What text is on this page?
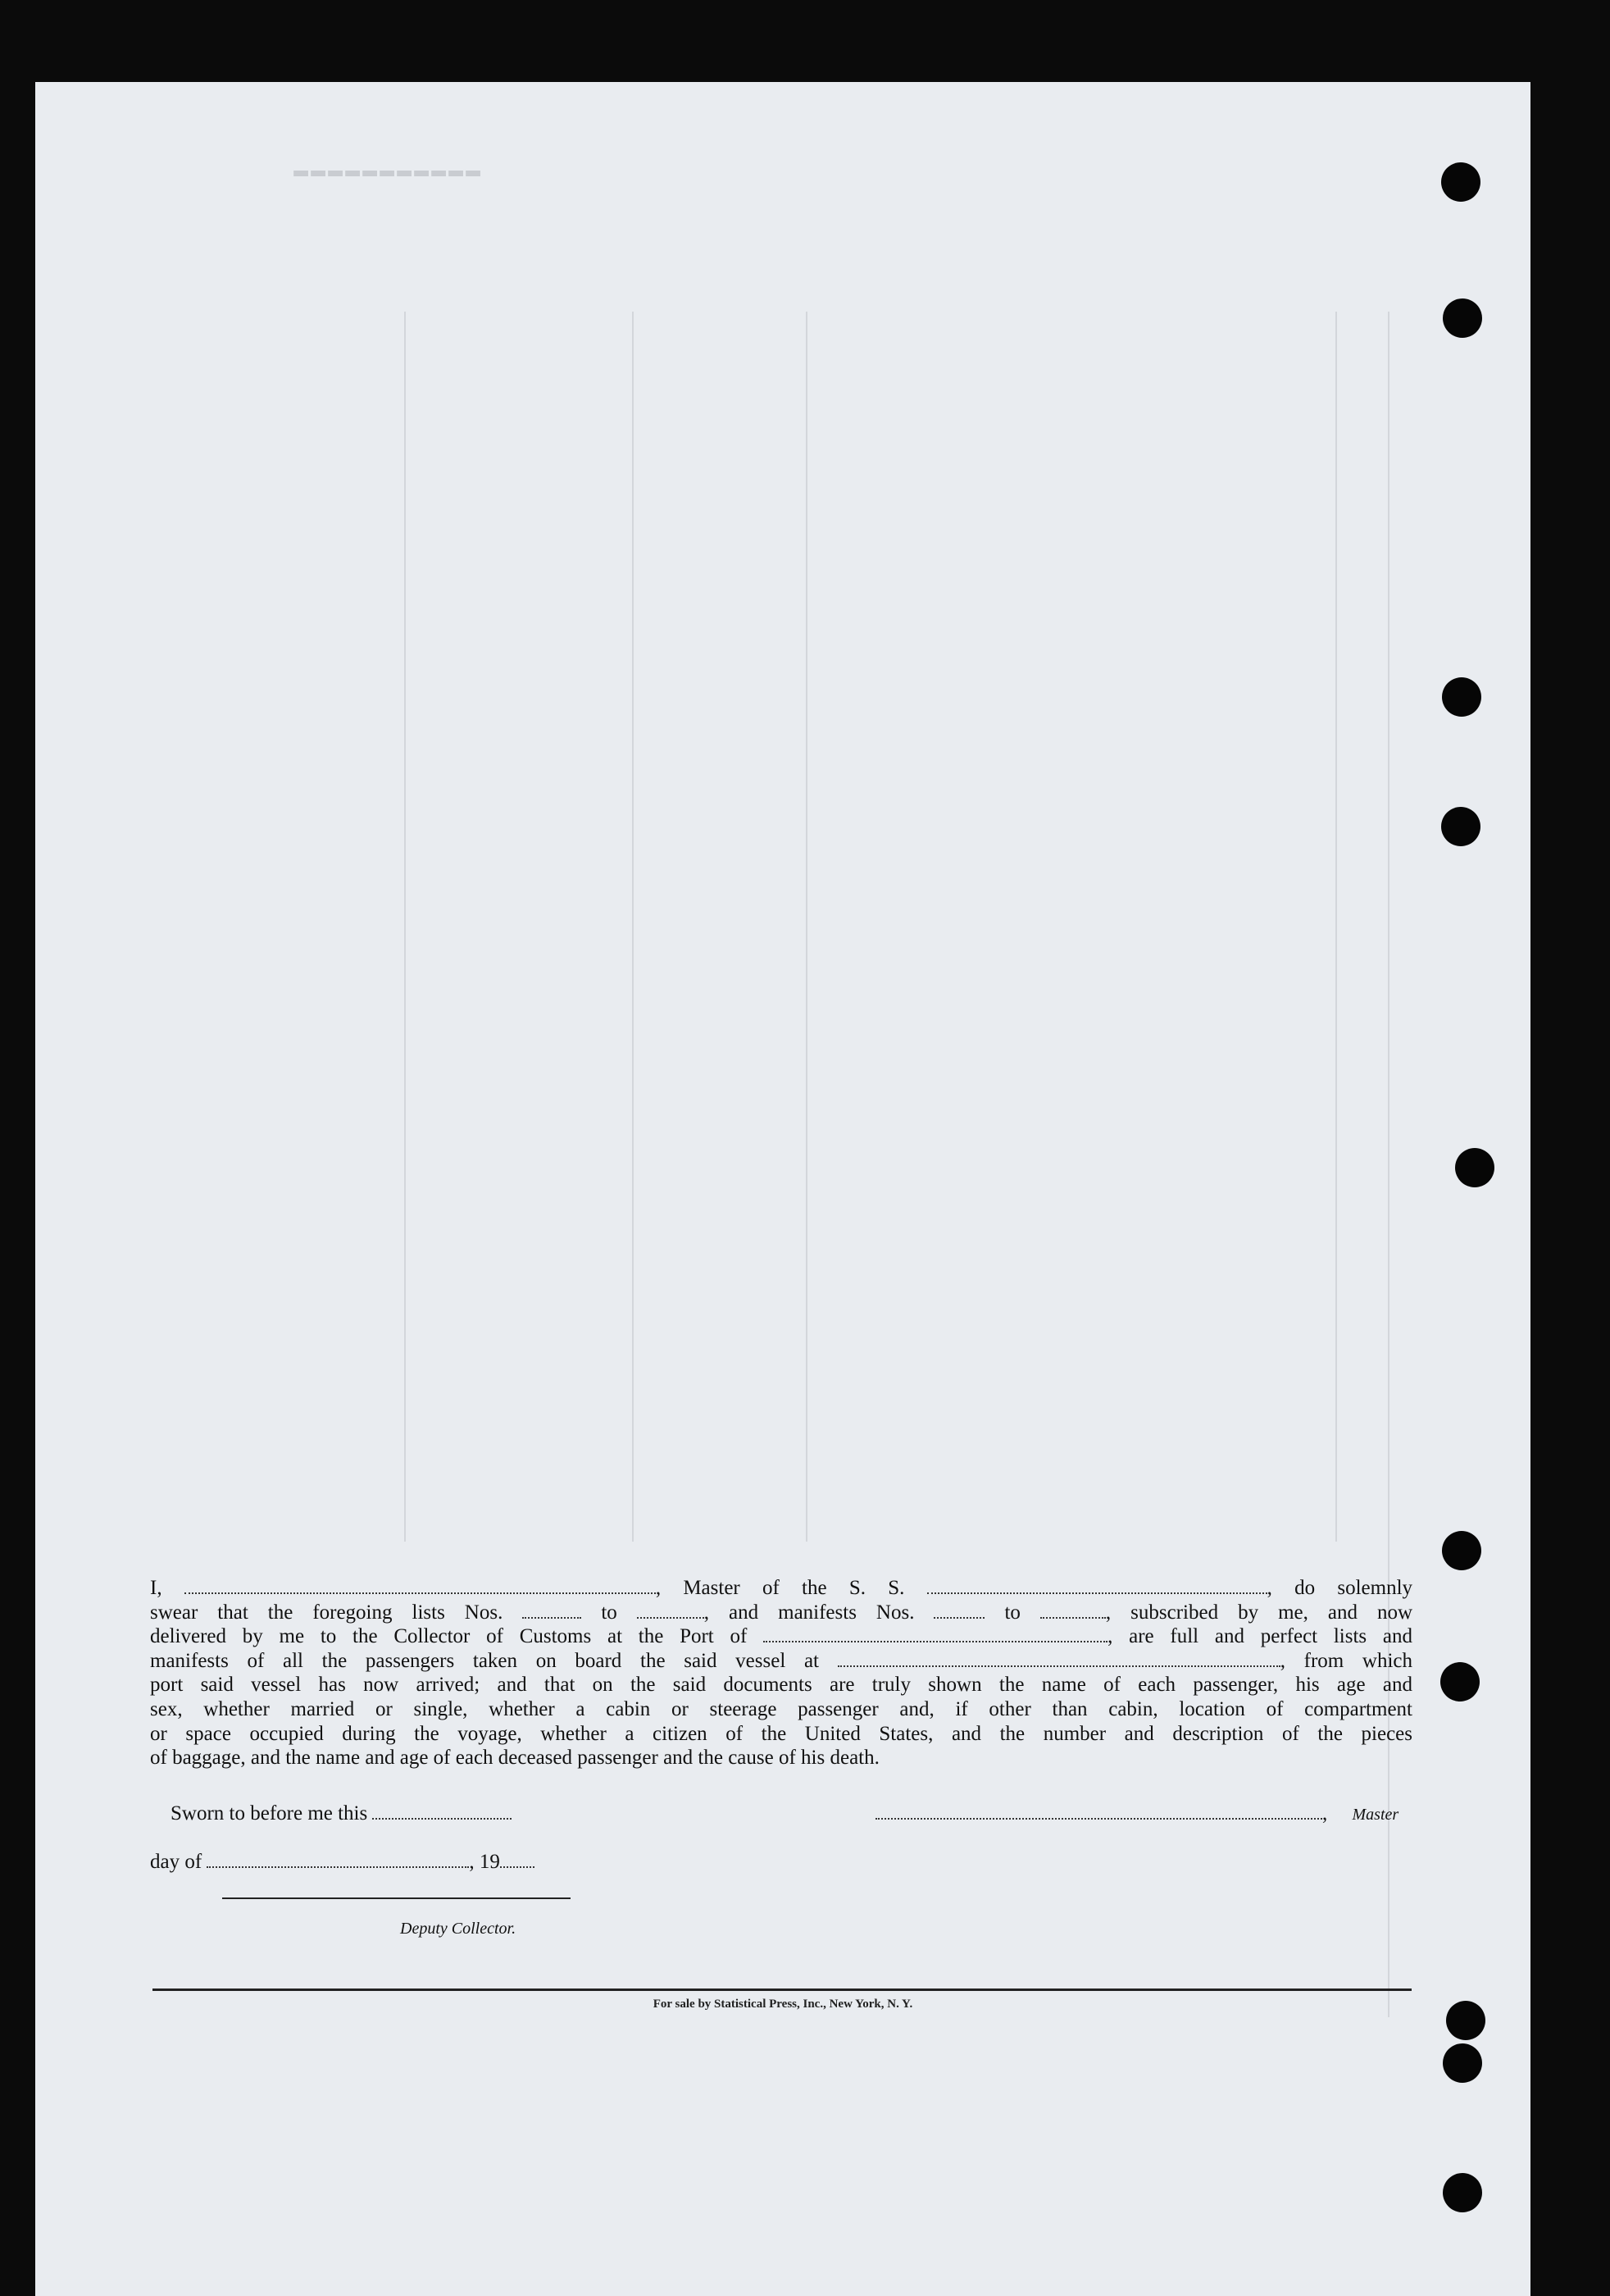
▬▬▬▬▬▬▬▬▬▬▬
I,	, Master of the S. S.	, do solemnly
swear that the foregoing lists Nos.	to	, and manifests Nos.	to	, subscribed by me, and now
delivered by me to the Collector of Customs at the Port of	, are full and perfect lists and
manifests of all the passengers taken on board the said vessel at	, from which
port said vessel has now arrived; and that on the said documents are truly shown the name of each passenger, his age and
sex, whether married or single, whether a cabin or steerage passenger and, if other than cabin, location of compartment
or space occupied during the voyage, whether a citizen of the United States, and the number and description of the pieces
of baggage, and the name and age of each deceased passenger and the cause of his death.
Sworn to before me this	, Master
day of	, 19
Deputy Collector.
For sale by Statistical Press, Inc., New York, N. Y.
